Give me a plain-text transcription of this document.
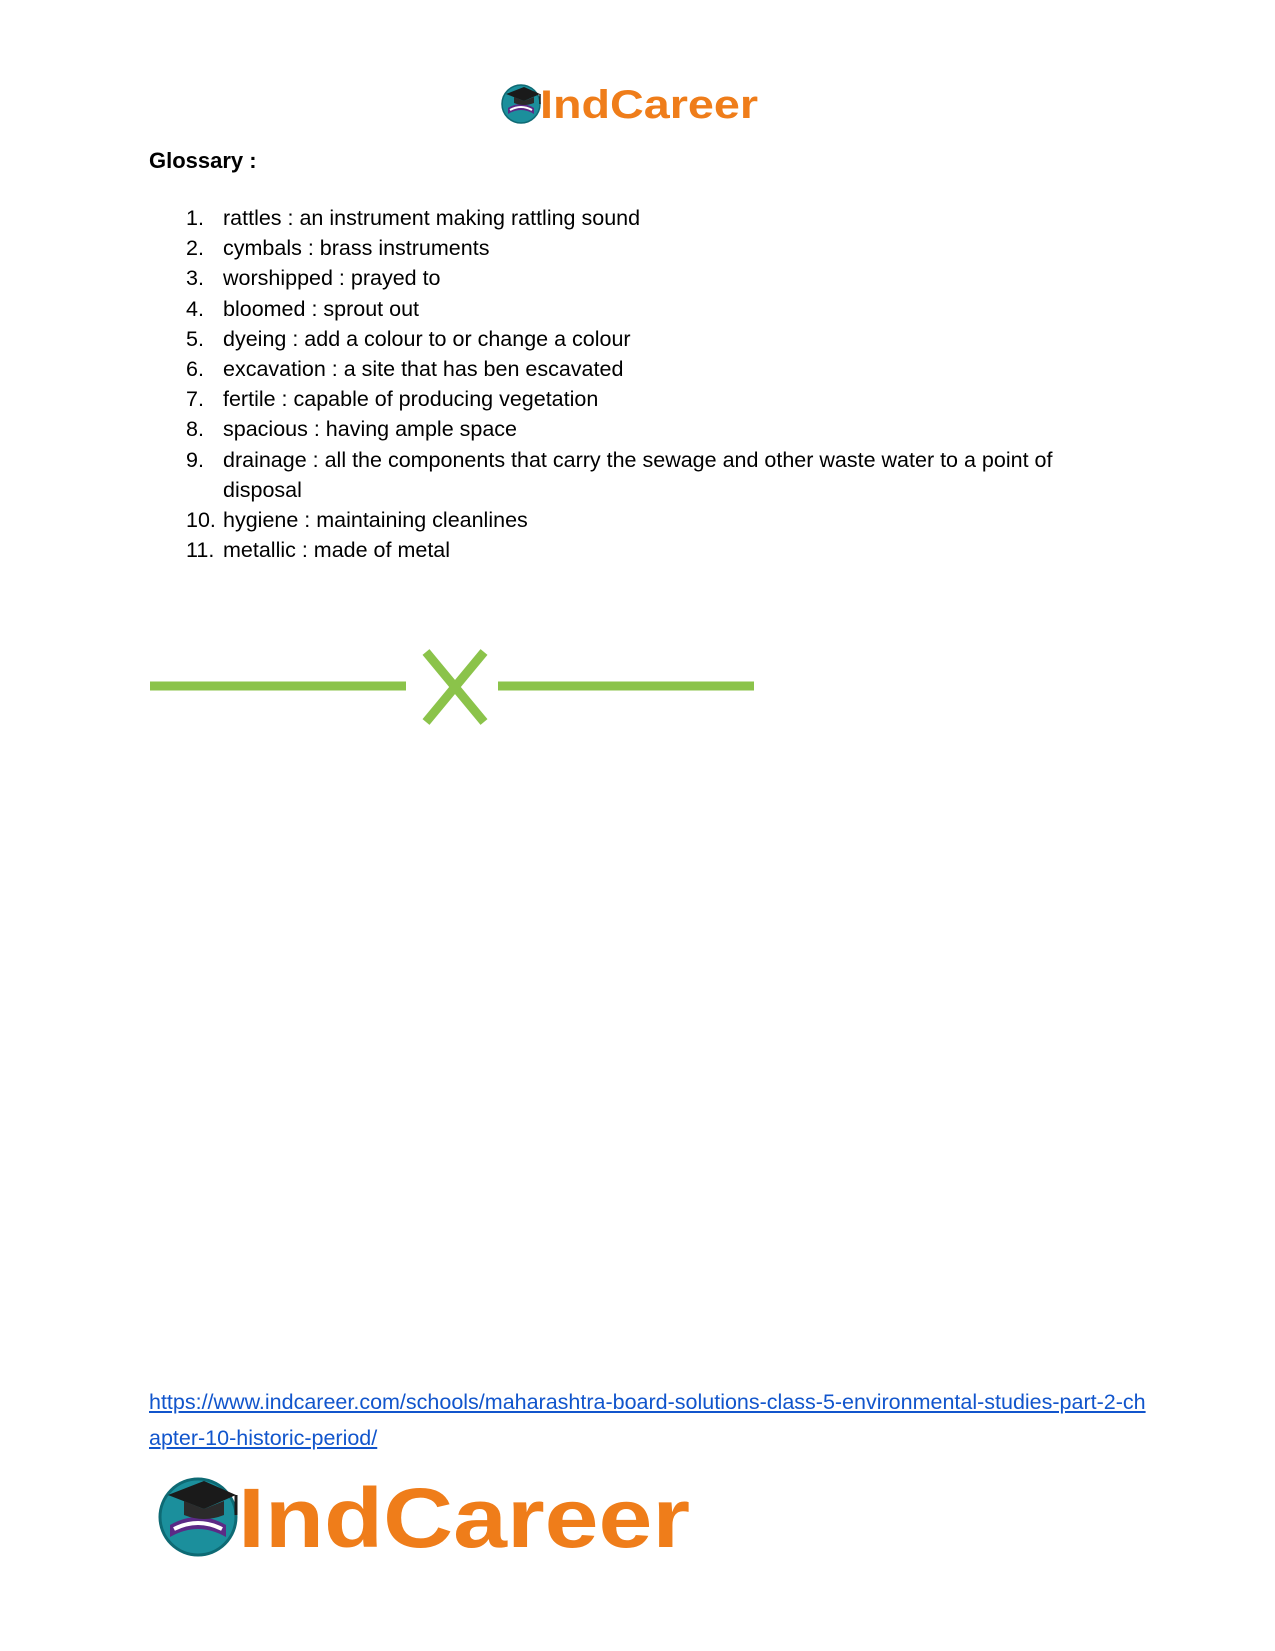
IndCareer

Glossary :

1. rattles : an instrument making rattling sound
2. cymbals : brass instruments
3. worshipped : prayed to
4. bloomed : sprout out
5. dyeing : add a colour to or change a colour
6. excavation : a site that has ben escavated
7. fertile : capable of producing vegetation
8. spacious : having ample space
9. drainage : all the components that carry the sewage and other waste water to a point of disposal
10. hygiene : maintaining cleanlines
11. metallic : made of metal
https://www.indcareer.com/schools/maharashtra-board-solutions-class-5-environmental-studies-part-2-chapter-10-historic-period/
IndCareer
